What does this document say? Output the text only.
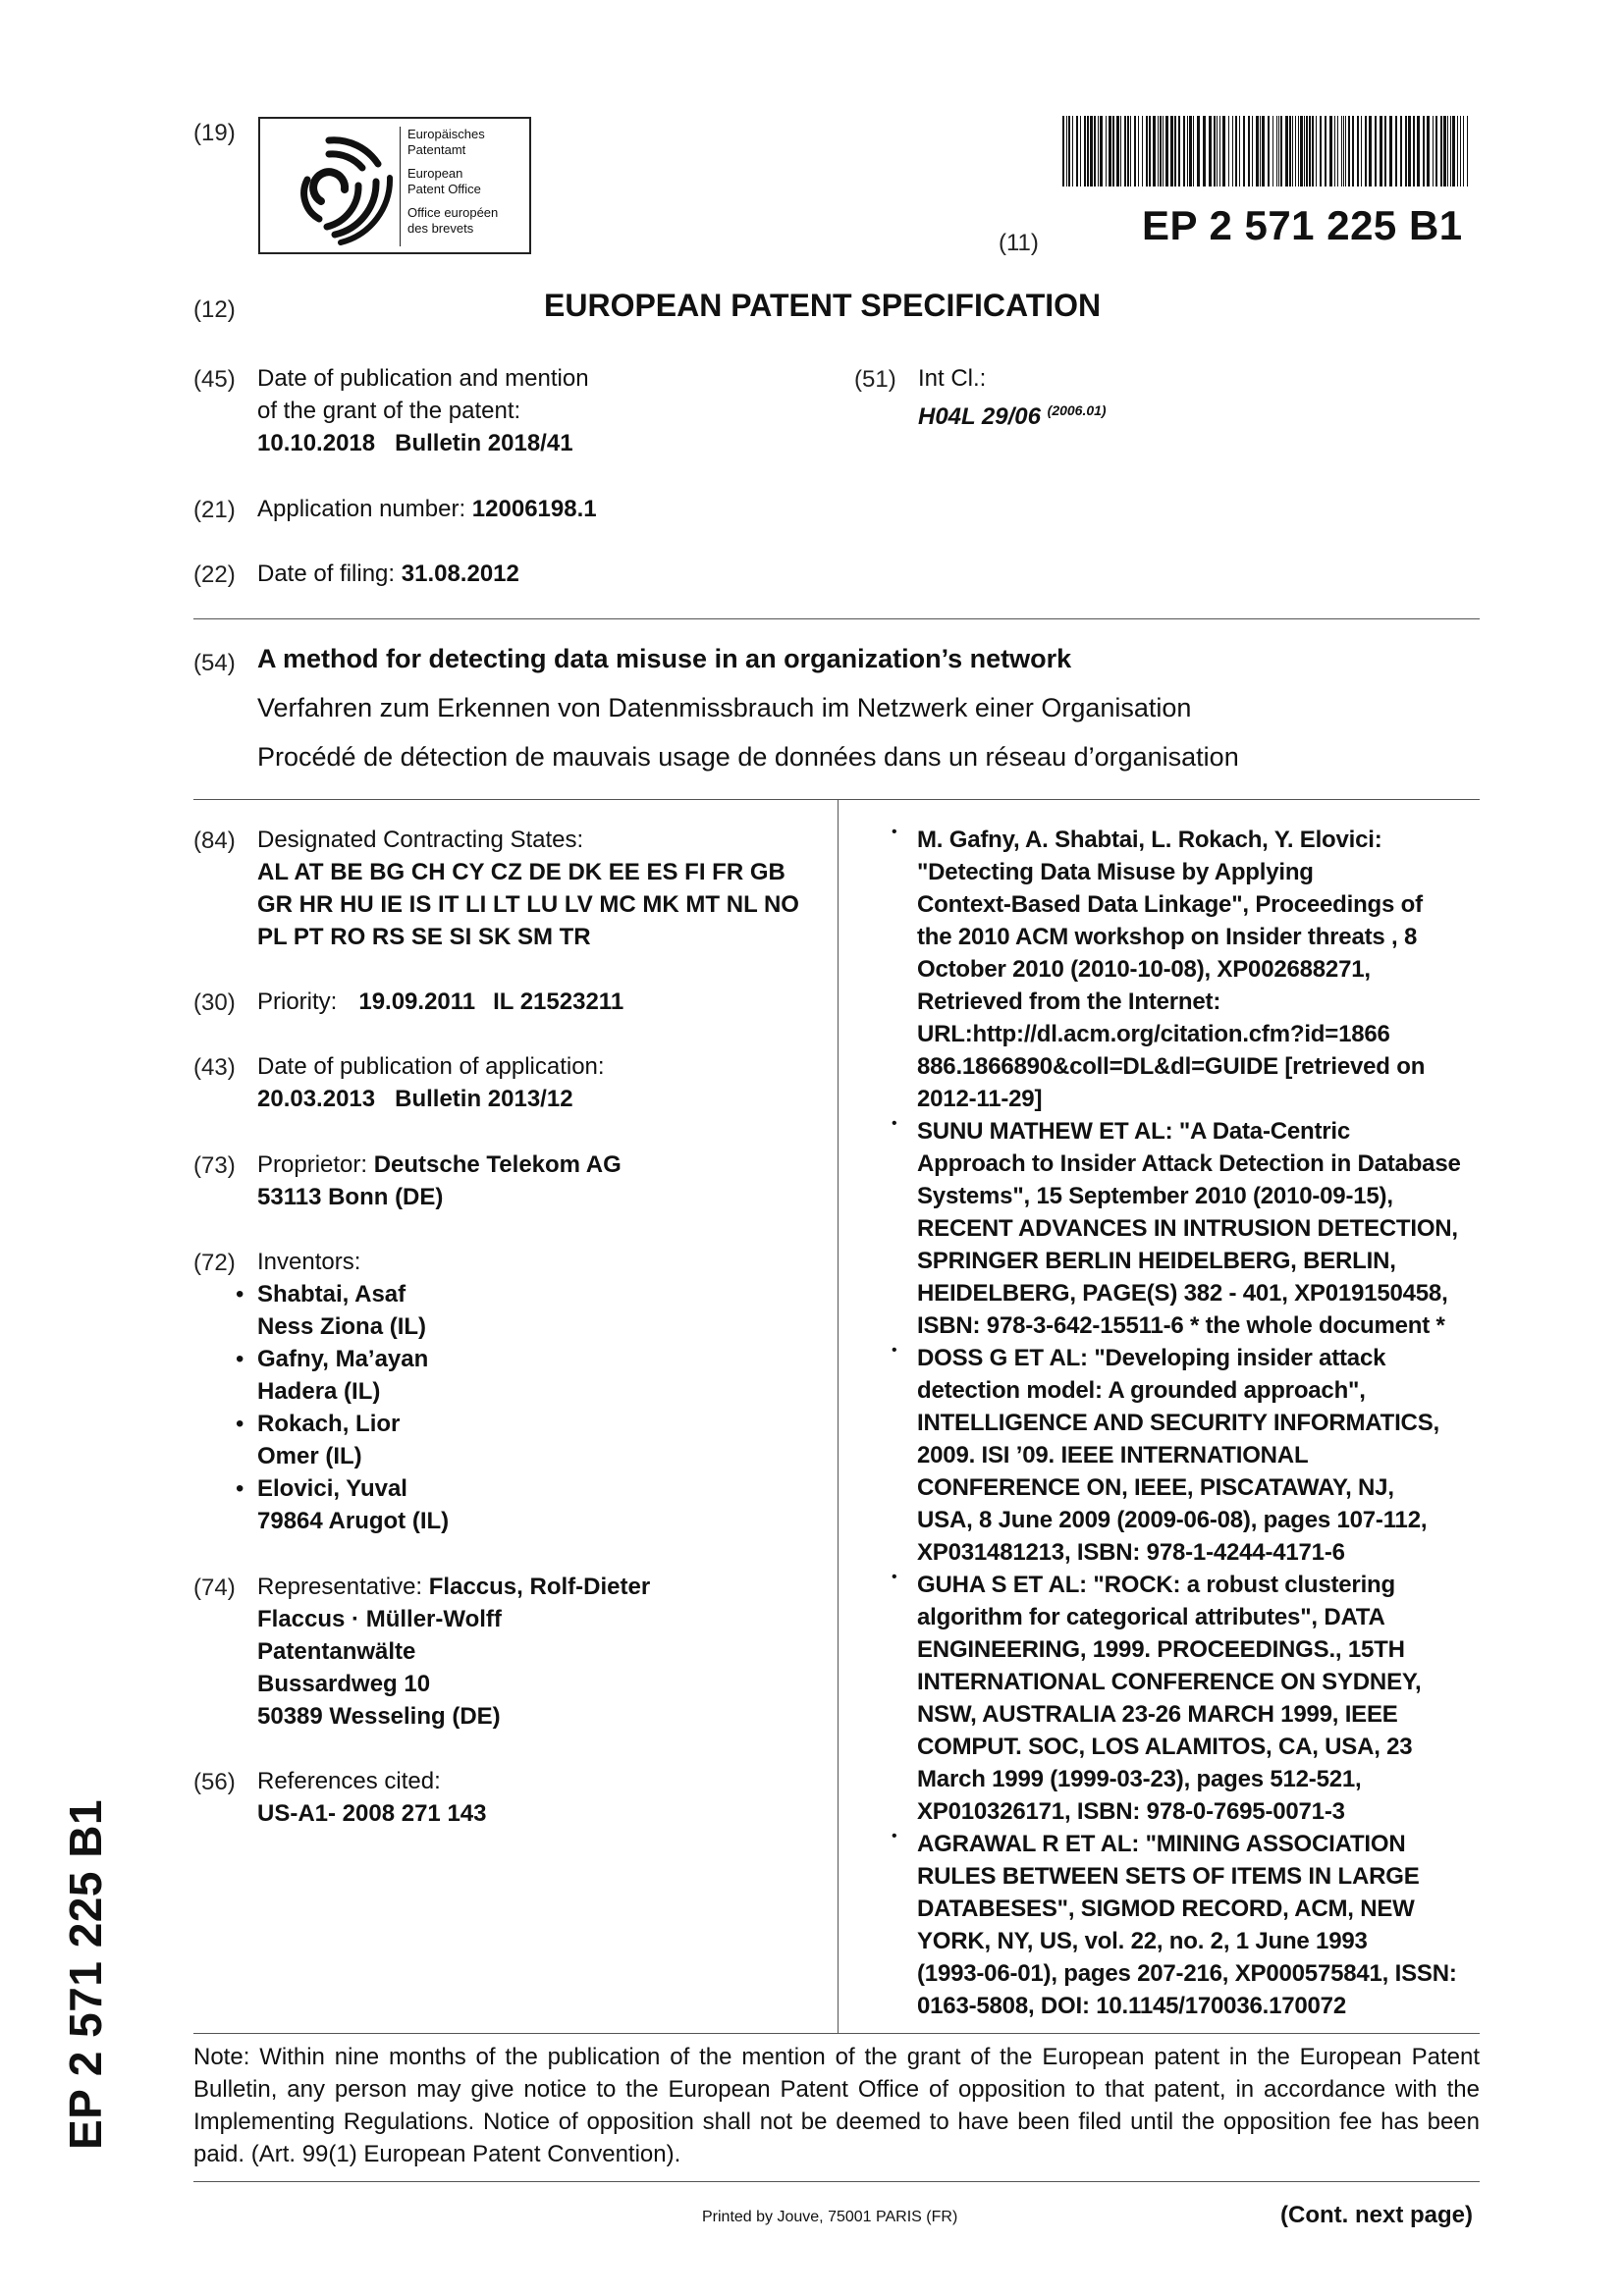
(19)	Europäisches
Patentamt
European
Patent Office
Office européen
des brevets
(11)	EP 2 571 225 B1
(12)	EUROPEAN PATENT SPECIFICATION
(45) Date of publication and mention
of the grant of the patent:
10.10.2018 Bulletin 2018/41
(51) Int Cl.:
H04L 29/06 $^{(2006.01)}$
(21) Application number: 12006198.1
(22) Date of filing: 31.08.2012
(54) A method for detecting data misuse in an organization’s network
Verfahren zum Erkennen von Datenmissbrauch im Netzwerk einer Organisation
Procédé de détection de mauvais usage de données dans un réseau d’organisation
(84) Designated Contracting States:
AL AT BE BG CH CY CZ DE DK EE ES FI FR GB
GR HR HU IE IS IT LI LT LU LV MC MK MT NL NO
PL PT RO RS SE SI SK SM TR
(30) Priority: 19.09.2011 IL 21523211
(43) Date of publication of application:
20.03.2013 Bulletin 2013/12
(73) Proprietor: Deutsche Telekom AG
53113 Bonn (DE)
(72) Inventors:
• Shabtai, Asaf
Ness Ziona (IL)
• Gafny, Ma’ayan
Hadera (IL)
• Rokach, Lior
Omer (IL)
• Elovici, Yuval
79864 Arugot (IL)
(74) Representative: Flaccus, Rolf-Dieter
Flaccus · Müller-Wolff
Patentanwälte
Bussardweg 10
50389 Wesseling (DE)
(56) References cited:
US-A1- 2008 271 143
• M. Gafny, A. Shabtai, L. Rokach, Y. Elovici:
"Detecting Data Misuse by Applying
Context-Based Data Linkage", Proceedings of
the 2010 ACM workshop on Insider threats , 8
October 2010 (2010-10-08), XP002688271,
Retrieved from the Internet:
URL:http://dl.acm.org/citation.cfm?id=1866
886.1866890&coll=DL&dl=GUIDE [retrieved on
2012-11-29]
• SUNU MATHEW ET AL: "A Data-Centric
Approach to Insider Attack Detection in Database
Systems", 15 September 2010 (2010-09-15),
RECENT ADVANCES IN INTRUSION DETECTION,
SPRINGER BERLIN HEIDELBERG, BERLIN,
HEIDELBERG, PAGE(S) 382 - 401, XP019150458,
ISBN: 978-3-642-15511-6 * the whole document *
• DOSS G ET AL: "Developing insider attack
detection model: A grounded approach",
INTELLIGENCE AND SECURITY INFORMATICS,
2009. ISI ’09. IEEE INTERNATIONAL
CONFERENCE ON, IEEE, PISCATAWAY, NJ,
USA, 8 June 2009 (2009-06-08), pages 107-112,
XP031481213, ISBN: 978-1-4244-4171-6
• GUHA S ET AL: "ROCK: a robust clustering
algorithm for categorical attributes", DATA
ENGINEERING, 1999. PROCEEDINGS., 15TH
INTERNATIONAL CONFERENCE ON SYDNEY,
NSW, AUSTRALIA 23-26 MARCH 1999, IEEE
COMPUT. SOC, LOS ALAMITOS, CA, USA, 23
March 1999 (1999-03-23), pages 512-521,
XP010326171, ISBN: 978-0-7695-0071-3
• AGRAWAL R ET AL: "MINING ASSOCIATION
RULES BETWEEN SETS OF ITEMS IN LARGE
DATABESES", SIGMOD RECORD, ACM, NEW
YORK, NY, US, vol. 22, no. 2, 1 June 1993
(1993-06-01), pages 207-216, XP000575841, ISSN:
0163-5808, DOI: 10.1145/170036.170072
Note: Within nine months of the publication of the mention of the grant of the European patent in the European Patent Bulletin, any person may give notice to the European Patent Office of opposition to that patent, in accordance with the Implementing Regulations. Notice of opposition shall not be deemed to have been filed until the opposition fee has been paid. (Art. 99(1) European Patent Convention).
Printed by Jouve, 75001 PARIS (FR)	(Cont. next page)
EP 2 571 225 B1
